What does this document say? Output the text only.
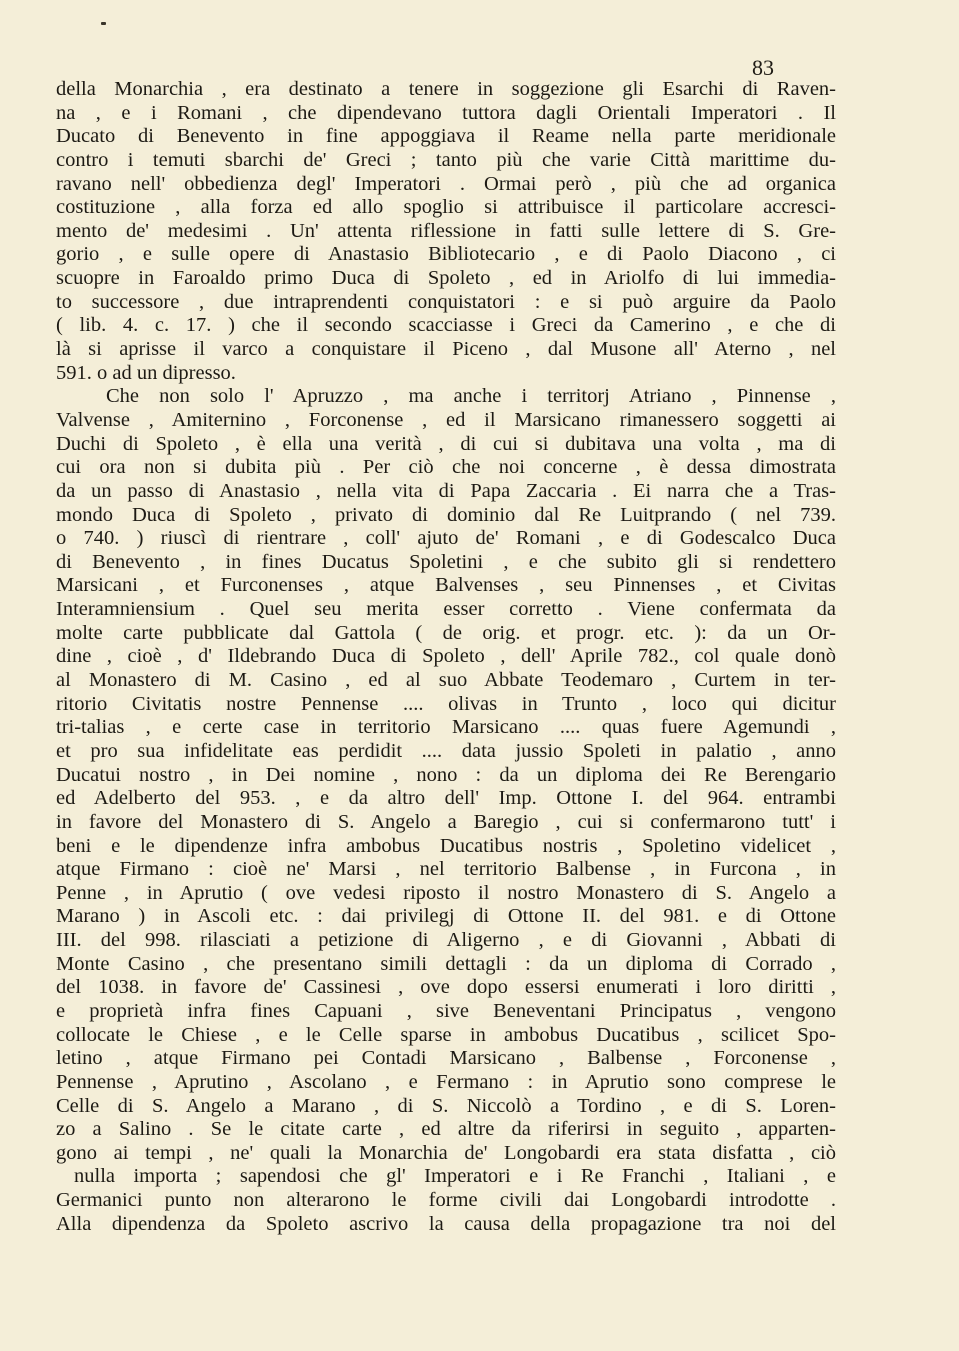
83
della Monarchia , era destinato a tenere in soggezione gli Esarchi di Raven-
na , e i Romani , che dipendevano tuttora dagli Orientali Imperatori . Il
Ducato di Benevento in fine appoggiava il Reame nella parte meridionale
contro i temuti sbarchi de' Greci ; tanto più che varie Città marittime du-
ravano nell' obbedienza degl' Imperatori . Ormai però , più che ad organica
costituzione , alla forza ed allo spoglio si attribuisce il particolare accresci-
mento de' medesimi . Un' attenta riflessione in fatti sulle lettere di S. Gre-
gorio , e sulle opere di Anastasio Bibliotecario , e di Paolo Diacono , ci
scuopre in Faroaldo primo Duca di Spoleto , ed in Ariolfo di lui immedia-
to successore , due intraprendenti conquistatori : e si può arguire da Paolo
( lib. 4. c. 17. ) che il secondo scacciasse i Greci da Camerino , e che di
là si aprisse il varco a conquistare il Piceno , dal Musone all' Aterno , nel
591. o ad un dipresso.
Che non solo l' Apruzzo , ma anche i territorj Atriano , Pinnense ,
Valvense , Amiternino , Forconense , ed il Marsicano rimanessero soggetti ai
Duchi di Spoleto , è ella una verità , di cui si dubitava una volta , ma di
cui ora non si dubita più . Per ciò che noi concerne , è dessa dimostrata
da un passo di Anastasio , nella vita di Papa Zaccaria . Ei narra che a Tras-
mondo Duca di Spoleto , privato di dominio dal Re Luitprando ( nel 739.
o 740. ) riuscì di rientrare , coll' ajuto de' Romani , e di Godescalco Duca
di Benevento , in fines Ducatus Spoletini , e che subito gli si rendettero
Marsicani , et Furconenses , atque Balvenses , seu Pinnenses , et Civitas
Interamniensium . Quel seu merita esser corretto . Viene confermata da
molte carte pubblicate dal Gattola ( de orig. et progr. etc. ): da un Or-
dine , cioè , d' Ildebrando Duca di Spoleto , dell' Aprile 782., col quale donò
al Monastero di M. Casino , ed al suo Abbate Teodemaro , Curtem in ter-
ritorio Civitatis nostre Pennense .... olivas in Trunto , loco qui dicitur
tri-talias , e certe case in territorio Marsicano .... quas fuere Agemundi ,
et pro sua infidelitate eas perdidit .... data jussio Spoleti in palatio , anno
Ducatui nostro , in Dei nomine , nono : da un diploma dei Re Berengario
ed Adelberto del 953. , e da altro dell' Imp. Ottone I. del 964. entrambi
in favore del Monastero di S. Angelo a Baregio , cui si confermarono tutt' i
beni e le dipendenze infra ambobus Ducatibus nostris , Spoletino videlicet ,
atque Firmano : cioè ne' Marsi , nel territorio Balbense , in Furcona , in
Penne , in Aprutio ( ove vedesi riposto il nostro Monastero di S. Angelo a
Marano ) in Ascoli etc. : dai privilegj di Ottone II. del 981. e di Ottone
III. del 998. rilasciati a petizione di Aligerno , e di Giovanni , Abbati di
Monte Casino , che presentano simili dettagli : da un diploma di Corrado ,
del 1038. in favore de' Cassinesi , ove dopo essersi enumerati i loro diritti ,
e proprietà infra fines Capuani , sive Beneventani Principatus , vengono
collocate le Chiese , e le Celle sparse in ambobus Ducatibus , scilicet Spo-
letino , atque Firmano pei Contadi Marsicano , Balbense , Forconense ,
Pennense , Aprutino , Ascolano , e Fermano : in Aprutio sono comprese le
Celle di S. Angelo a Marano , di S. Niccolò a Tordino , e di S. Loren-
zo a Salino . Se le citate carte , ed altre da riferirsi in seguito , apparten-
gono ai tempi , ne' quali la Monarchia de' Longobardi era stata disfatta , ciò
nulla importa ; sapendosi che gl' Imperatori e i Re Franchi , Italiani , e
Germanici punto non alterarono le forme civili dai Longobardi introdotte .
Alla dipendenza da Spoleto ascrivo la causa della propagazione tra noi del
